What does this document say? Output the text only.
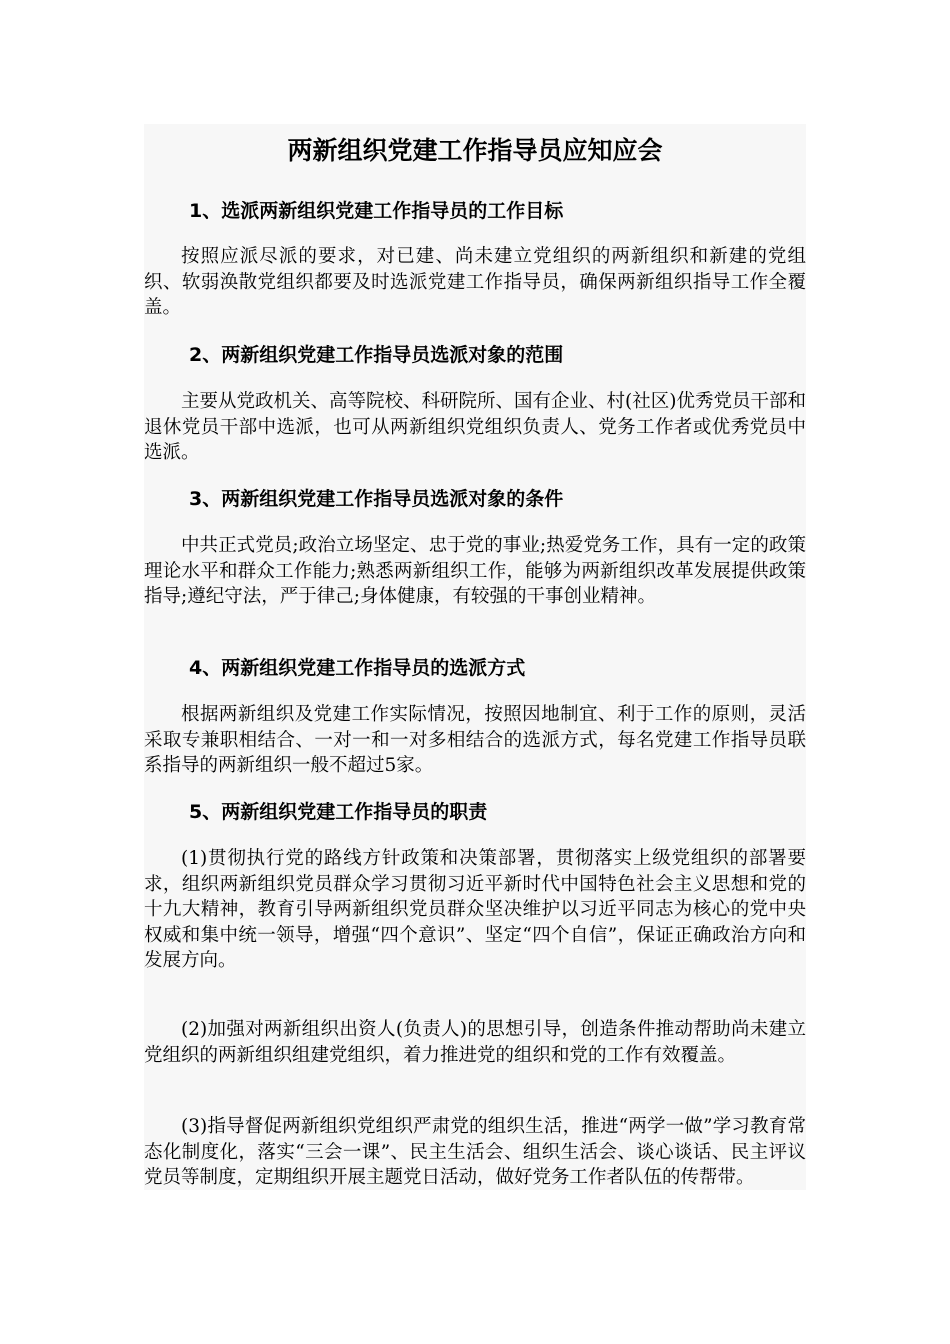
两新组织党建工作指导员应知应会
1、选派两新组织党建工作指导员的工作目标

按照应派尽派的要求，对已建、尚未建立党组织的两新组织和新建的党组织、软弱涣散党组织都要及时选派党建工作指导员，确保两新组织指导工作全覆盖。

2、两新组织党建工作指导员选派对象的范围

主要从党政机关、高等院校、科研院所、国有企业、村(社区)优秀党员干部和退休党员干部中选派，也可从两新组织党组织负责人、党务工作者或优秀党员中选派。

3、两新组织党建工作指导员选派对象的条件

中共正式党员;政治立场坚定、忠于党的事业;热爱党务工作，具有一定的政策理论水平和群众工作能力;熟悉两新组织工作，能够为两新组织改革发展提供政策指导;遵纪守法，严于律己;身体健康，有较强的干事创业精神。

4、两新组织党建工作指导员的选派方式

根据两新组织及党建工作实际情况，按照因地制宜、利于工作的原则，灵活采取专兼职相结合、一对一和一对多相结合的选派方式，每名党建工作指导员联系指导的两新组织一般不超过5家。

5、两新组织党建工作指导员的职责

(1)贯彻执行党的路线方针政策和决策部署，贯彻落实上级党组织的部署要求，组织两新组织党员群众学习贯彻习近平新时代中国特色社会主义思想和党的十九大精神，教育引导两新组织党员群众坚决维护以习近平同志为核心的党中央权威和集中统一领导，增强“四个意识”、坚定“四个自信”，保证正确政治方向和发展方向。

(2)加强对两新组织出资人(负责人)的思想引导，创造条件推动帮助尚未建立党组织的两新组织组建党组织，着力推进党的组织和党的工作有效覆盖。

(3)指导督促两新组织党组织严肃党的组织生活，推进“两学一做”学习教育常态化制度化，落实“三会一课”、民主生活会、组织生活会、谈心谈话、民主评议党员等制度，定期组织开展主题党日活动，做好党务工作者队伍的传帮带。
